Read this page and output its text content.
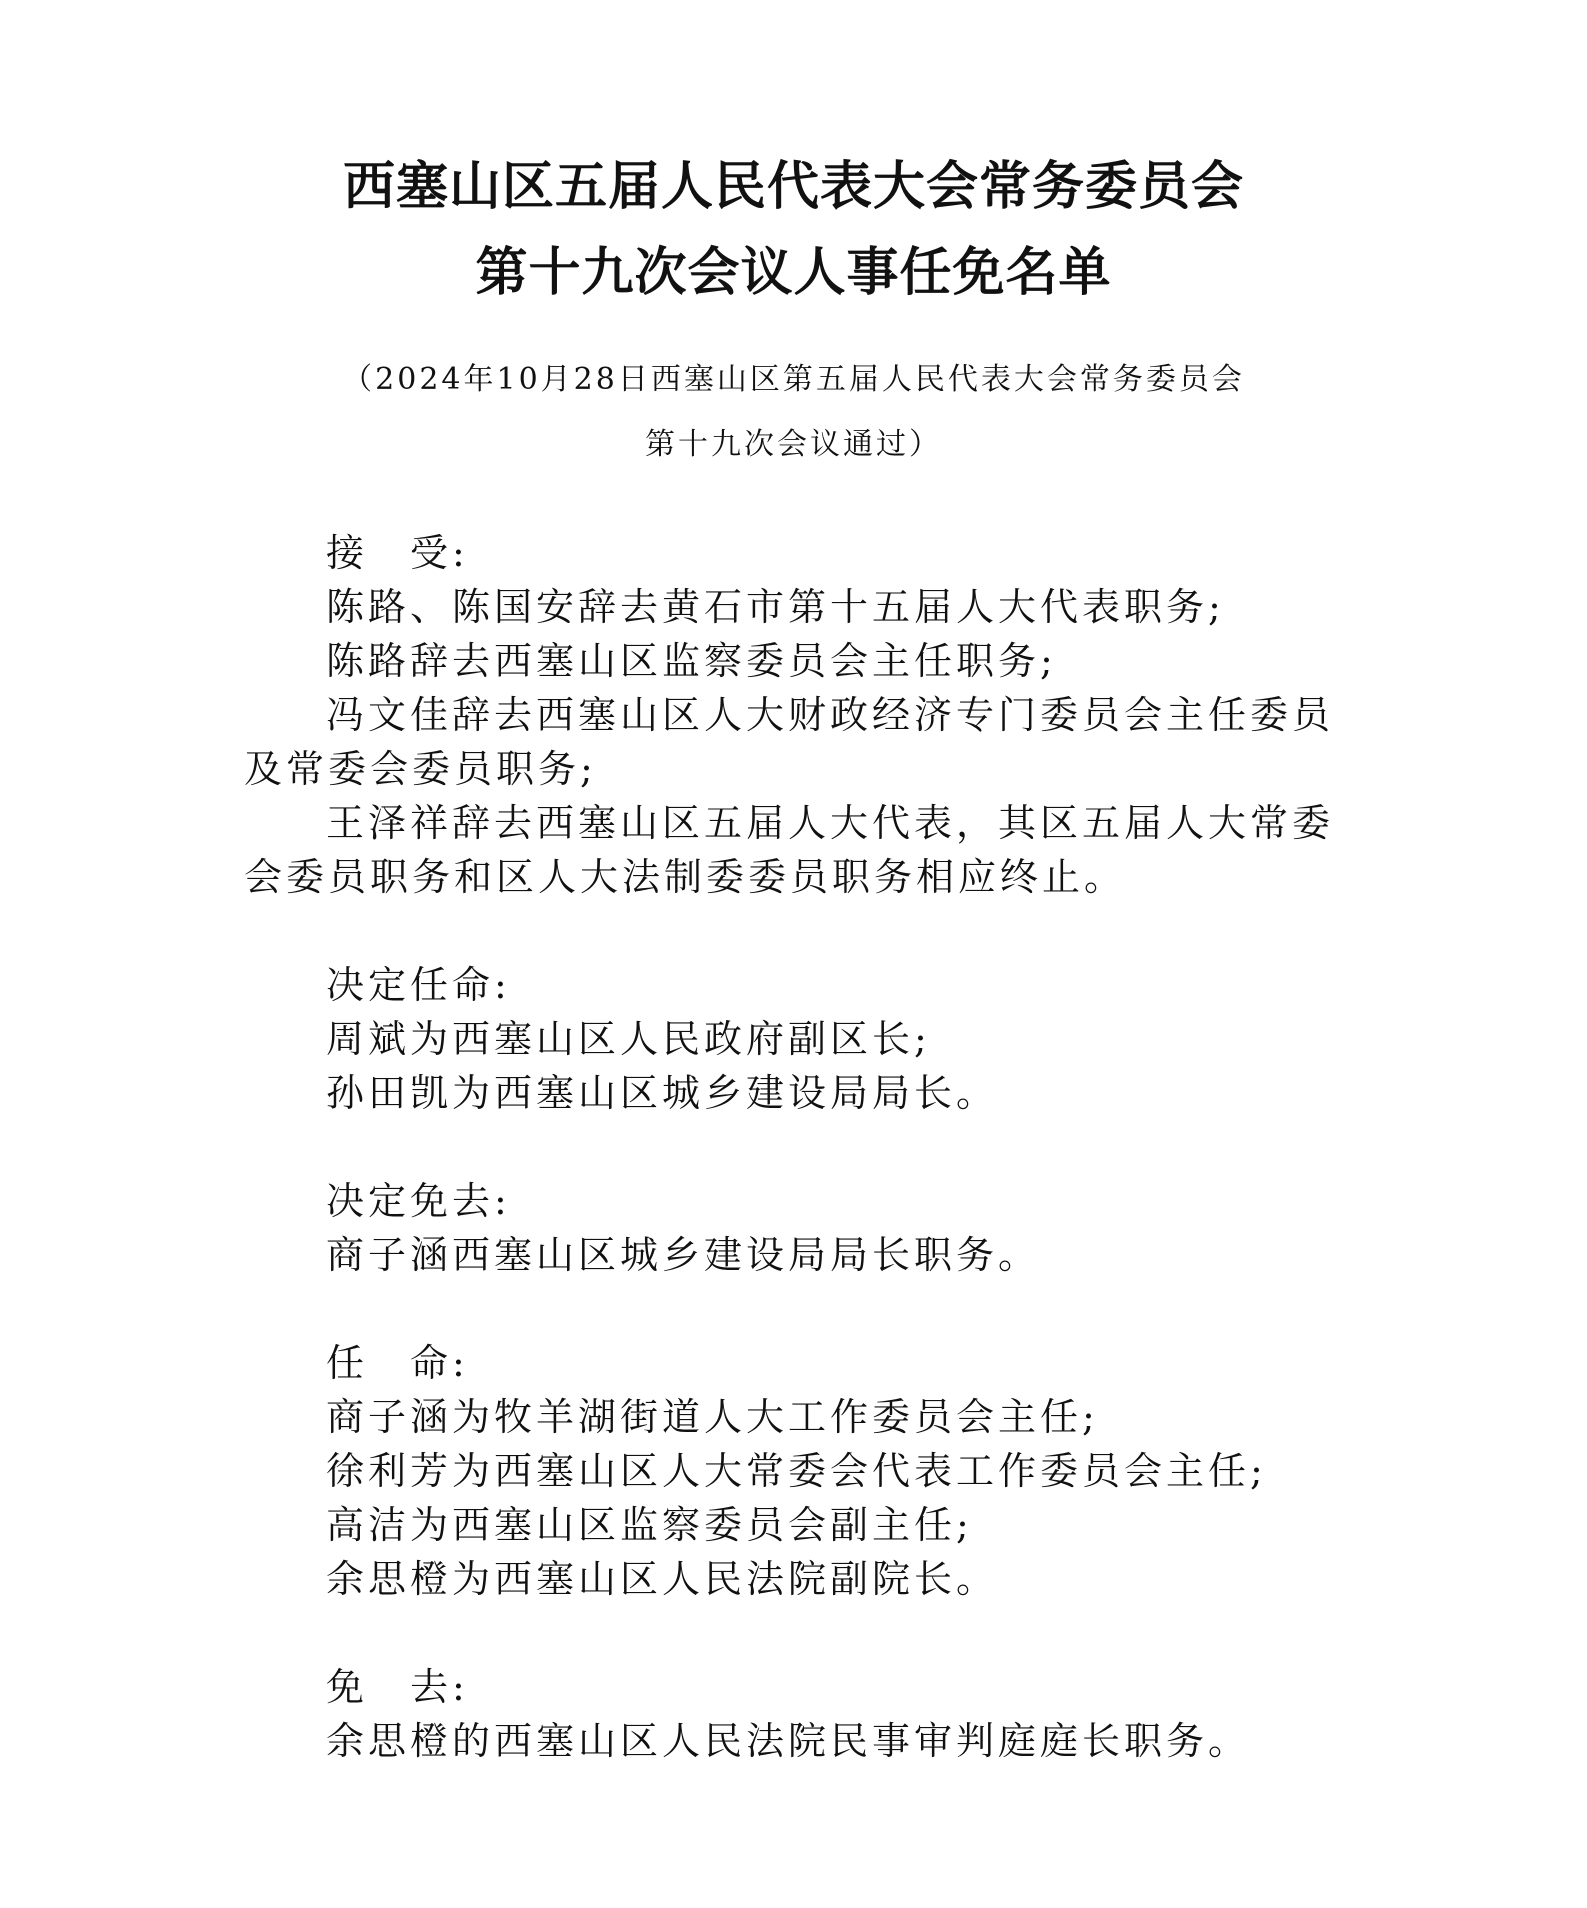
西塞山区五届人民代表大会常务委员会
第十九次会议人事任免名单
（2024年10月28日西塞山区第五届人民代表大会常务委员会
第十九次会议通过）
接　受:
陈路、陈国安辞去黄石市第十五届人大代表职务;
陈路辞去西塞山区监察委员会主任职务;
冯文佳辞去西塞山区人大财政经济专门委员会主任委员及常委会委员职务;
王泽祥辞去西塞山区五届人大代表，其区五届人大常委会委员职务和区人大法制委委员职务相应终止。
决定任命:
周斌为西塞山区人民政府副区长;
孙田凯为西塞山区城乡建设局局长。
决定免去:
商子涵西塞山区城乡建设局局长职务。
任　命:
商子涵为牧羊湖街道人大工作委员会主任;
徐利芳为西塞山区人大常委会代表工作委员会主任;
高洁为西塞山区监察委员会副主任;
余思橙为西塞山区人民法院副院长。
免　去:
余思橙的西塞山区人民法院民事审判庭庭长职务。
